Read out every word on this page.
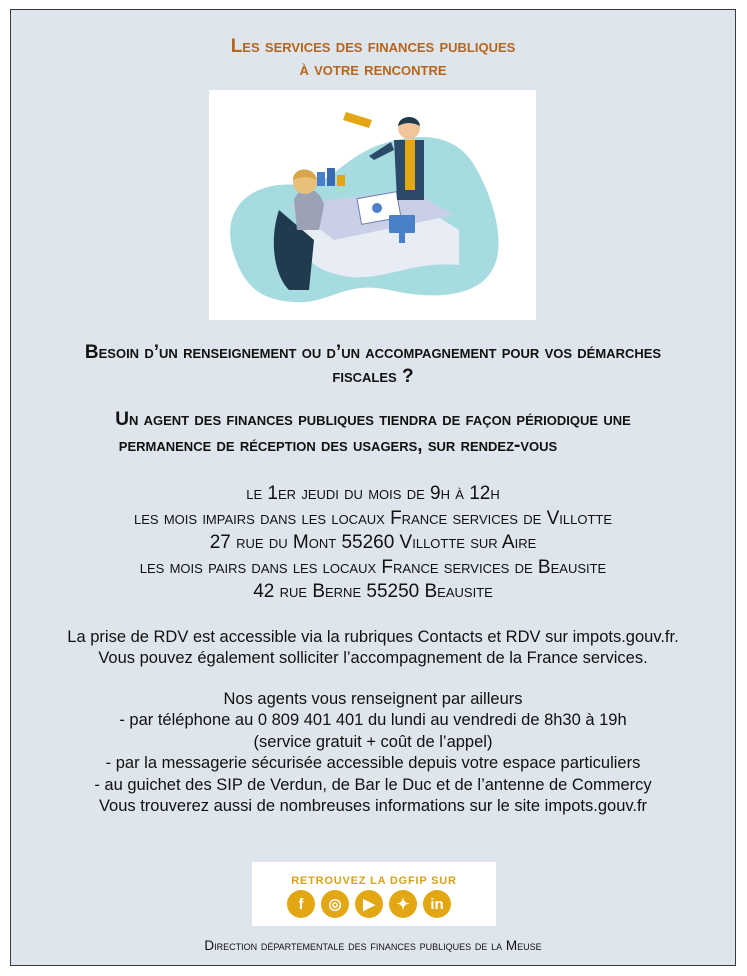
Les services des finances publiques
à votre rencontre
Besoin d’un renseignement ou d’un accompagnement pour vos démarches
fiscales ?
Un agent des finances publiques tiendra de façon périodique une
permanence de réception des usagers, sur rendez-vous
le 1er jeudi du mois de 9h à 12h
les mois impairs dans les locaux France services de Villotte
27 rue du Mont 55260 Villotte sur Aire
les mois pairs dans les locaux France services de Beausite
42 rue Berne 55250 Beausite
La prise de RDV est accessible via la rubriques Contacts et RDV sur impots.gouv.fr.
Vous pouvez également solliciter l’accompagnement de la France services.
Nos agents vous renseignent par ailleurs
- par téléphone au 0 809 401 401 du lundi au vendredi de 8h30 à 19h
(service gratuit + coût de l’appel)
- par la messagerie sécurisée accessible depuis votre espace particuliers
- au guichet des SIP de Verdun, de Bar le Duc et de l’antenne de Commercy
Vous trouverez aussi de nombreuses informations sur le site impots.gouv.fr
RETROUVEZ LA DGFIP SUR
f	◎	▶	✦	in
Direction départementale des finances publiques de la Meuse
